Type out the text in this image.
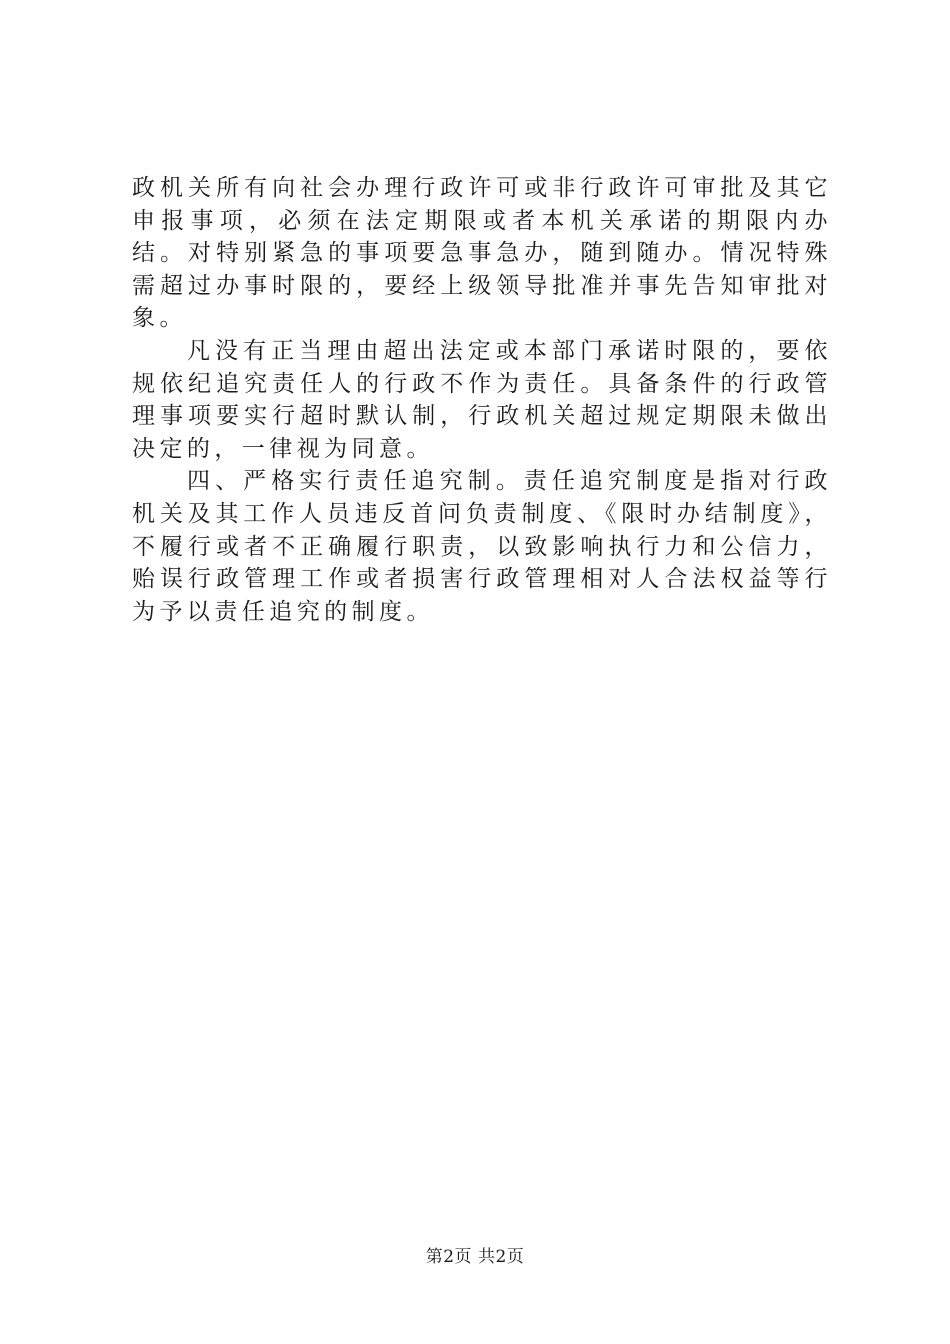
政机关所有向社会办理行政许可或非行政许可审批及其它申报事项，必须在法定期限或者本机关承诺的期限内办结。对特别紧急的事项要急事急办，随到随办。情况特殊需超过办事时限的，要经上级领导批准并事先告知审批对象。

凡没有正当理由超出法定或本部门承诺时限的，要依规依纪追究责任人的行政不作为责任。具备条件的行政管理事项要实行超时默认制，行政机关超过规定期限未做出决定的，一律视为同意。

四、严格实行责任追究制。责任追究制度是指对行政机关及其工作人员违反首问负责制度、《限时办结制度》，不履行或者不正确履行职责，以致影响执行力和公信力，贻误行政管理工作或者损害行政管理相对人合法权益等行为予以责任追究的制度。

第2页 共2页
